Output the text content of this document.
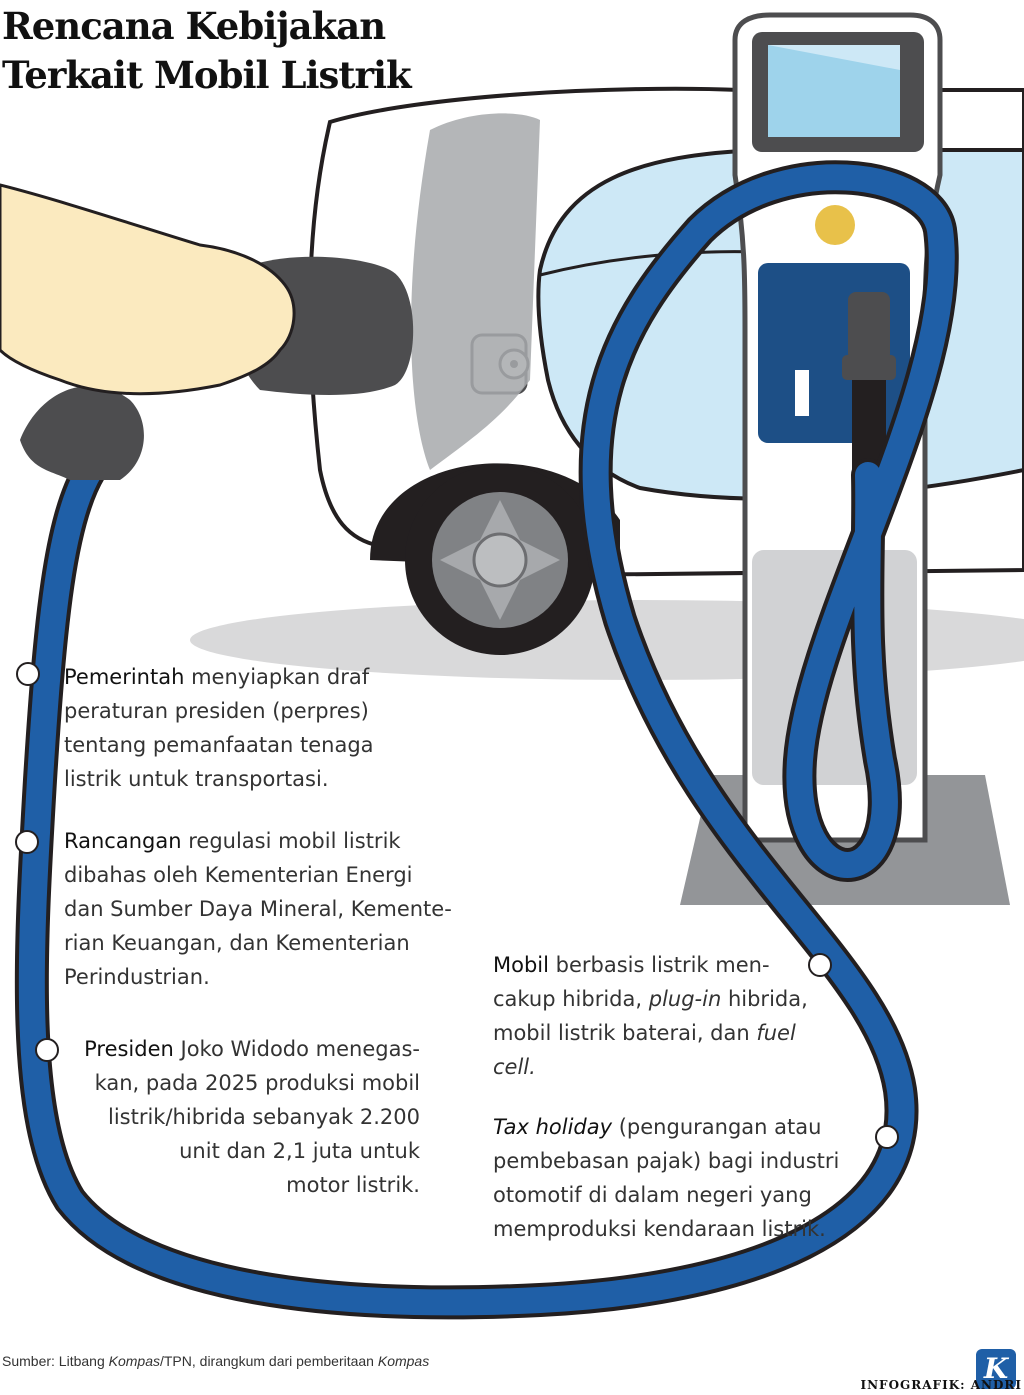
Rencana Kebijakan
Terkait Mobil Listrik

Pemerintah menyiapkan draf
peraturan presiden (perpres)
tentang pemanfaatan tenaga
listrik untuk transportasi.

Rancangan regulasi mobil listrik
dibahas oleh Kementerian Energi
dan Sumber Daya Mineral, Kemente-
rian Keuangan, dan Kementerian
Perindustrian.

Presiden Joko Widodo menegas-
kan, pada 2025 produksi mobil
listrik/hibrida sebanyak 2.200
unit dan 2,1 juta untuk
motor listrik.

Mobil berbasis listrik men-
cakup hibrida, plug-in hibrida,
mobil listrik baterai, dan fuel
cell.

Tax holiday (pengurangan atau
pembebasan pajak) bagi industri
otomotif di dalam negeri yang
memproduksi kendaraan listrik.

Sumber: Litbang Kompas/TPN, dirangkum dari pemberitaan Kompas	K
INFOGRAFIK: ANDRI
